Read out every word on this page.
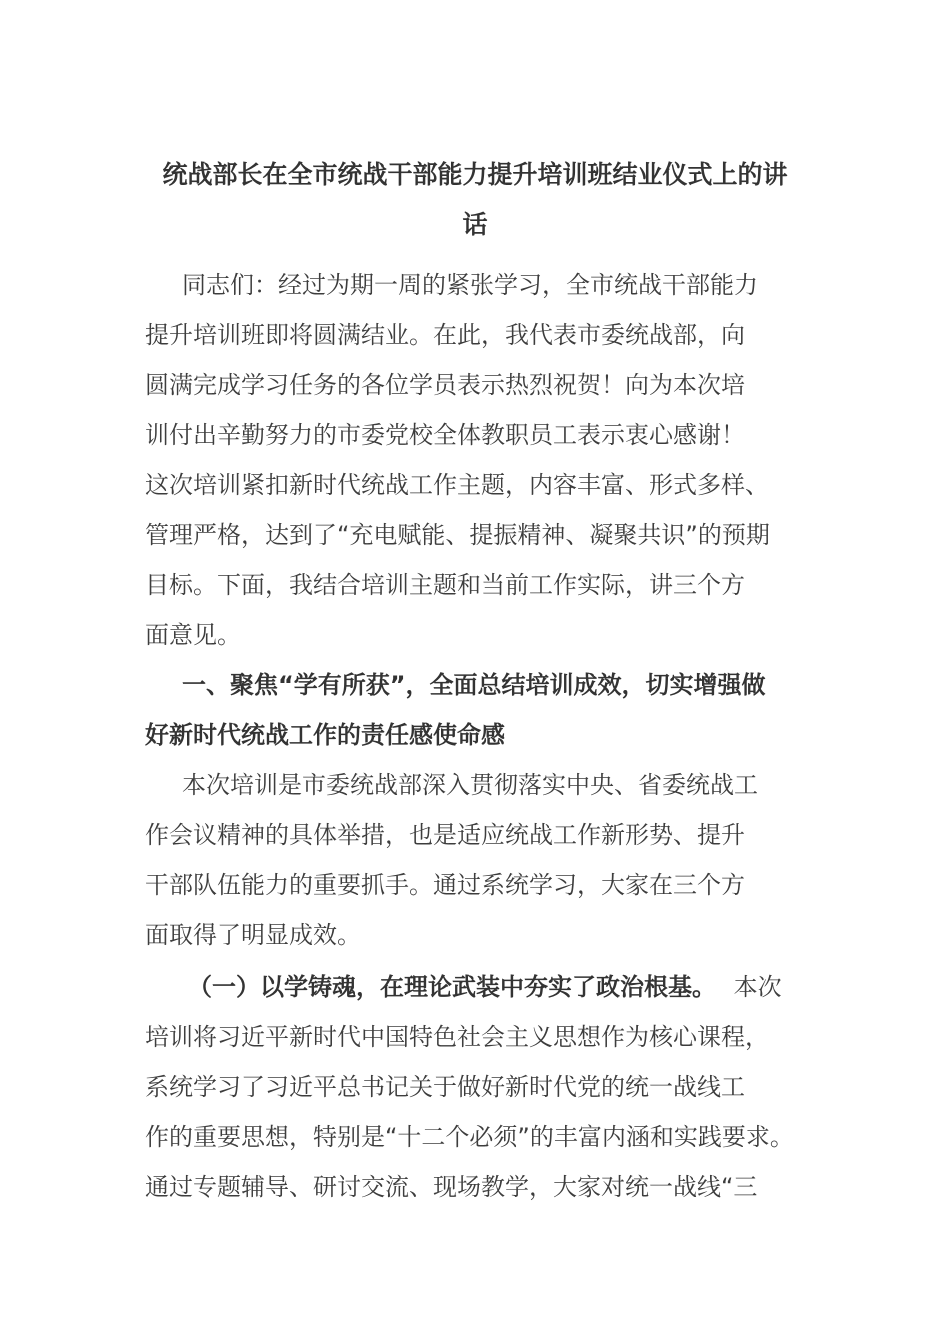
统战部长在全市统战干部能力提升培训班结业仪式上的讲
话
同志们：经过为期一周的紧张学习，全市统战干部能力
提升培训班即将圆满结业。在此，我代表市委统战部，向
圆满完成学习任务的各位学员表示热烈祝贺！向为本次培
训付出辛勤努力的市委党校全体教职员工表示衷心感谢！
这次培训紧扣新时代统战工作主题，内容丰富、形式多样、
管理严格，达到了“充电赋能、提振精神、凝聚共识”的预期
目标。下面，我结合培训主题和当前工作实际，讲三个方
面意见。
一、聚焦“学有所获”，全面总结培训成效，切实增强做
好新时代统战工作的责任感使命感
本次培训是市委统战部深入贯彻落实中央、省委统战工
作会议精神的具体举措，也是适应统战工作新形势、提升
干部队伍能力的重要抓手。通过系统学习，大家在三个方
面取得了明显成效。
（一）以学铸魂，在理论武装中夯实了政治根基。 本次
培训将习近平新时代中国特色社会主义思想作为核心课程，
系统学习了习近平总书记关于做好新时代党的统一战线工
作的重要思想，特别是“十二个必须”的丰富内涵和实践要求。
通过专题辅导、研讨交流、现场教学，大家对统一战线“三
